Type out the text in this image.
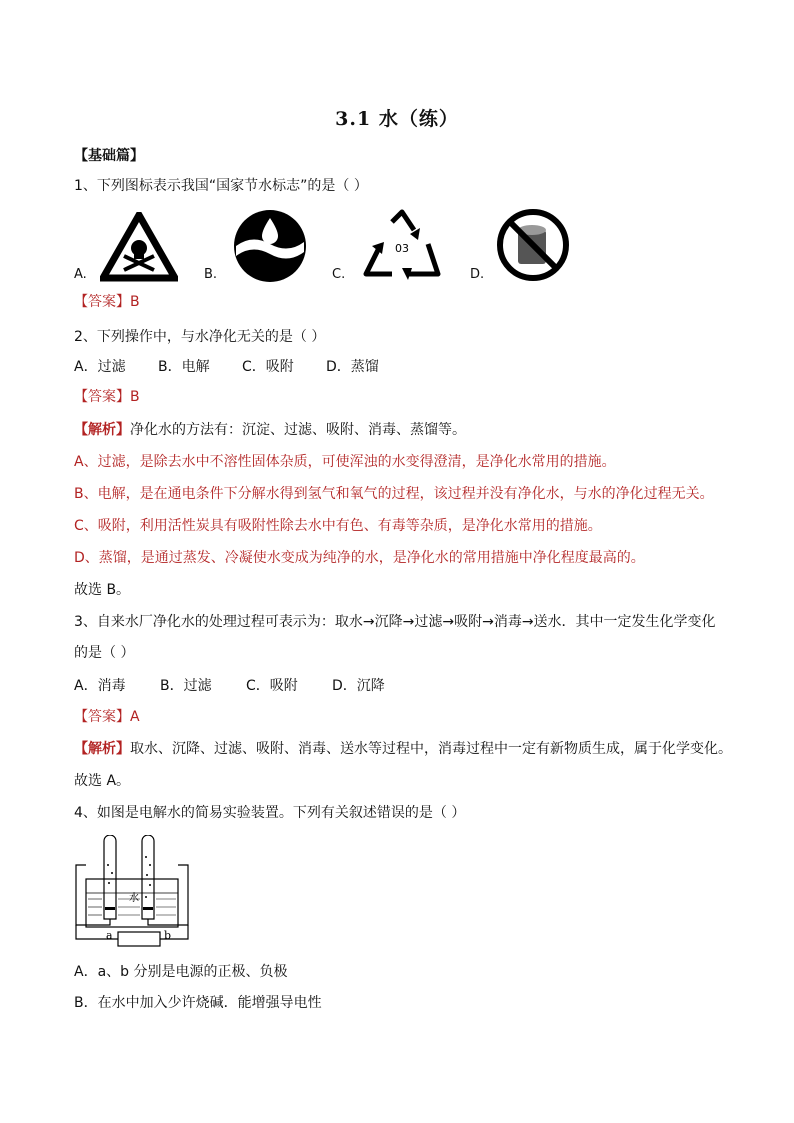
3.1 水（练）
【基础篇】
1、下列图标表示我国“国家节水标志”的是（ ）
A.	B.	C.
03
D.
【答案】B
2、下列操作中，与水净化无关的是（ ）
A．过滤 B．电解 C．吸附 D．蒸馏
【答案】B
【解析】净化水的方法有：沉淀、过滤、吸附、消毒、蒸馏等。
A、过滤，是除去水中不溶性固体杂质，可使浑浊的水变得澄清，是净化水常用的措施。
B、电解，是在通电条件下分解水得到氢气和氧气的过程，该过程并没有净化水，与水的净化过程无关。
C、吸附，利用活性炭具有吸附性除去水中有色、有毒等杂质，是净化水常用的措施。
D、蒸馏，是通过蒸发、冷凝使水变成为纯净的水，是净化水的常用措施中净化程度最高的。
故选 B。
3、自来水厂净化水的处理过程可表示为：取水→沉降→过滤→吸附→消毒→送水．其中一定发生化学变化
的是（ ）
A．消毒 B．过滤 C．吸附 D．沉降
【答案】A
【解析】取水、沉降、过滤、吸附、消毒、送水等过程中，消毒过程中一定有新物质生成，属于化学变化。
故选 A。
4、如图是电解水的简易实验装置。下列有关叙述错误的是（ ）
水
a	b
A．a、b 分别是电源的正极、负极
B．在水中加入少许烧碱．能增强导电性
